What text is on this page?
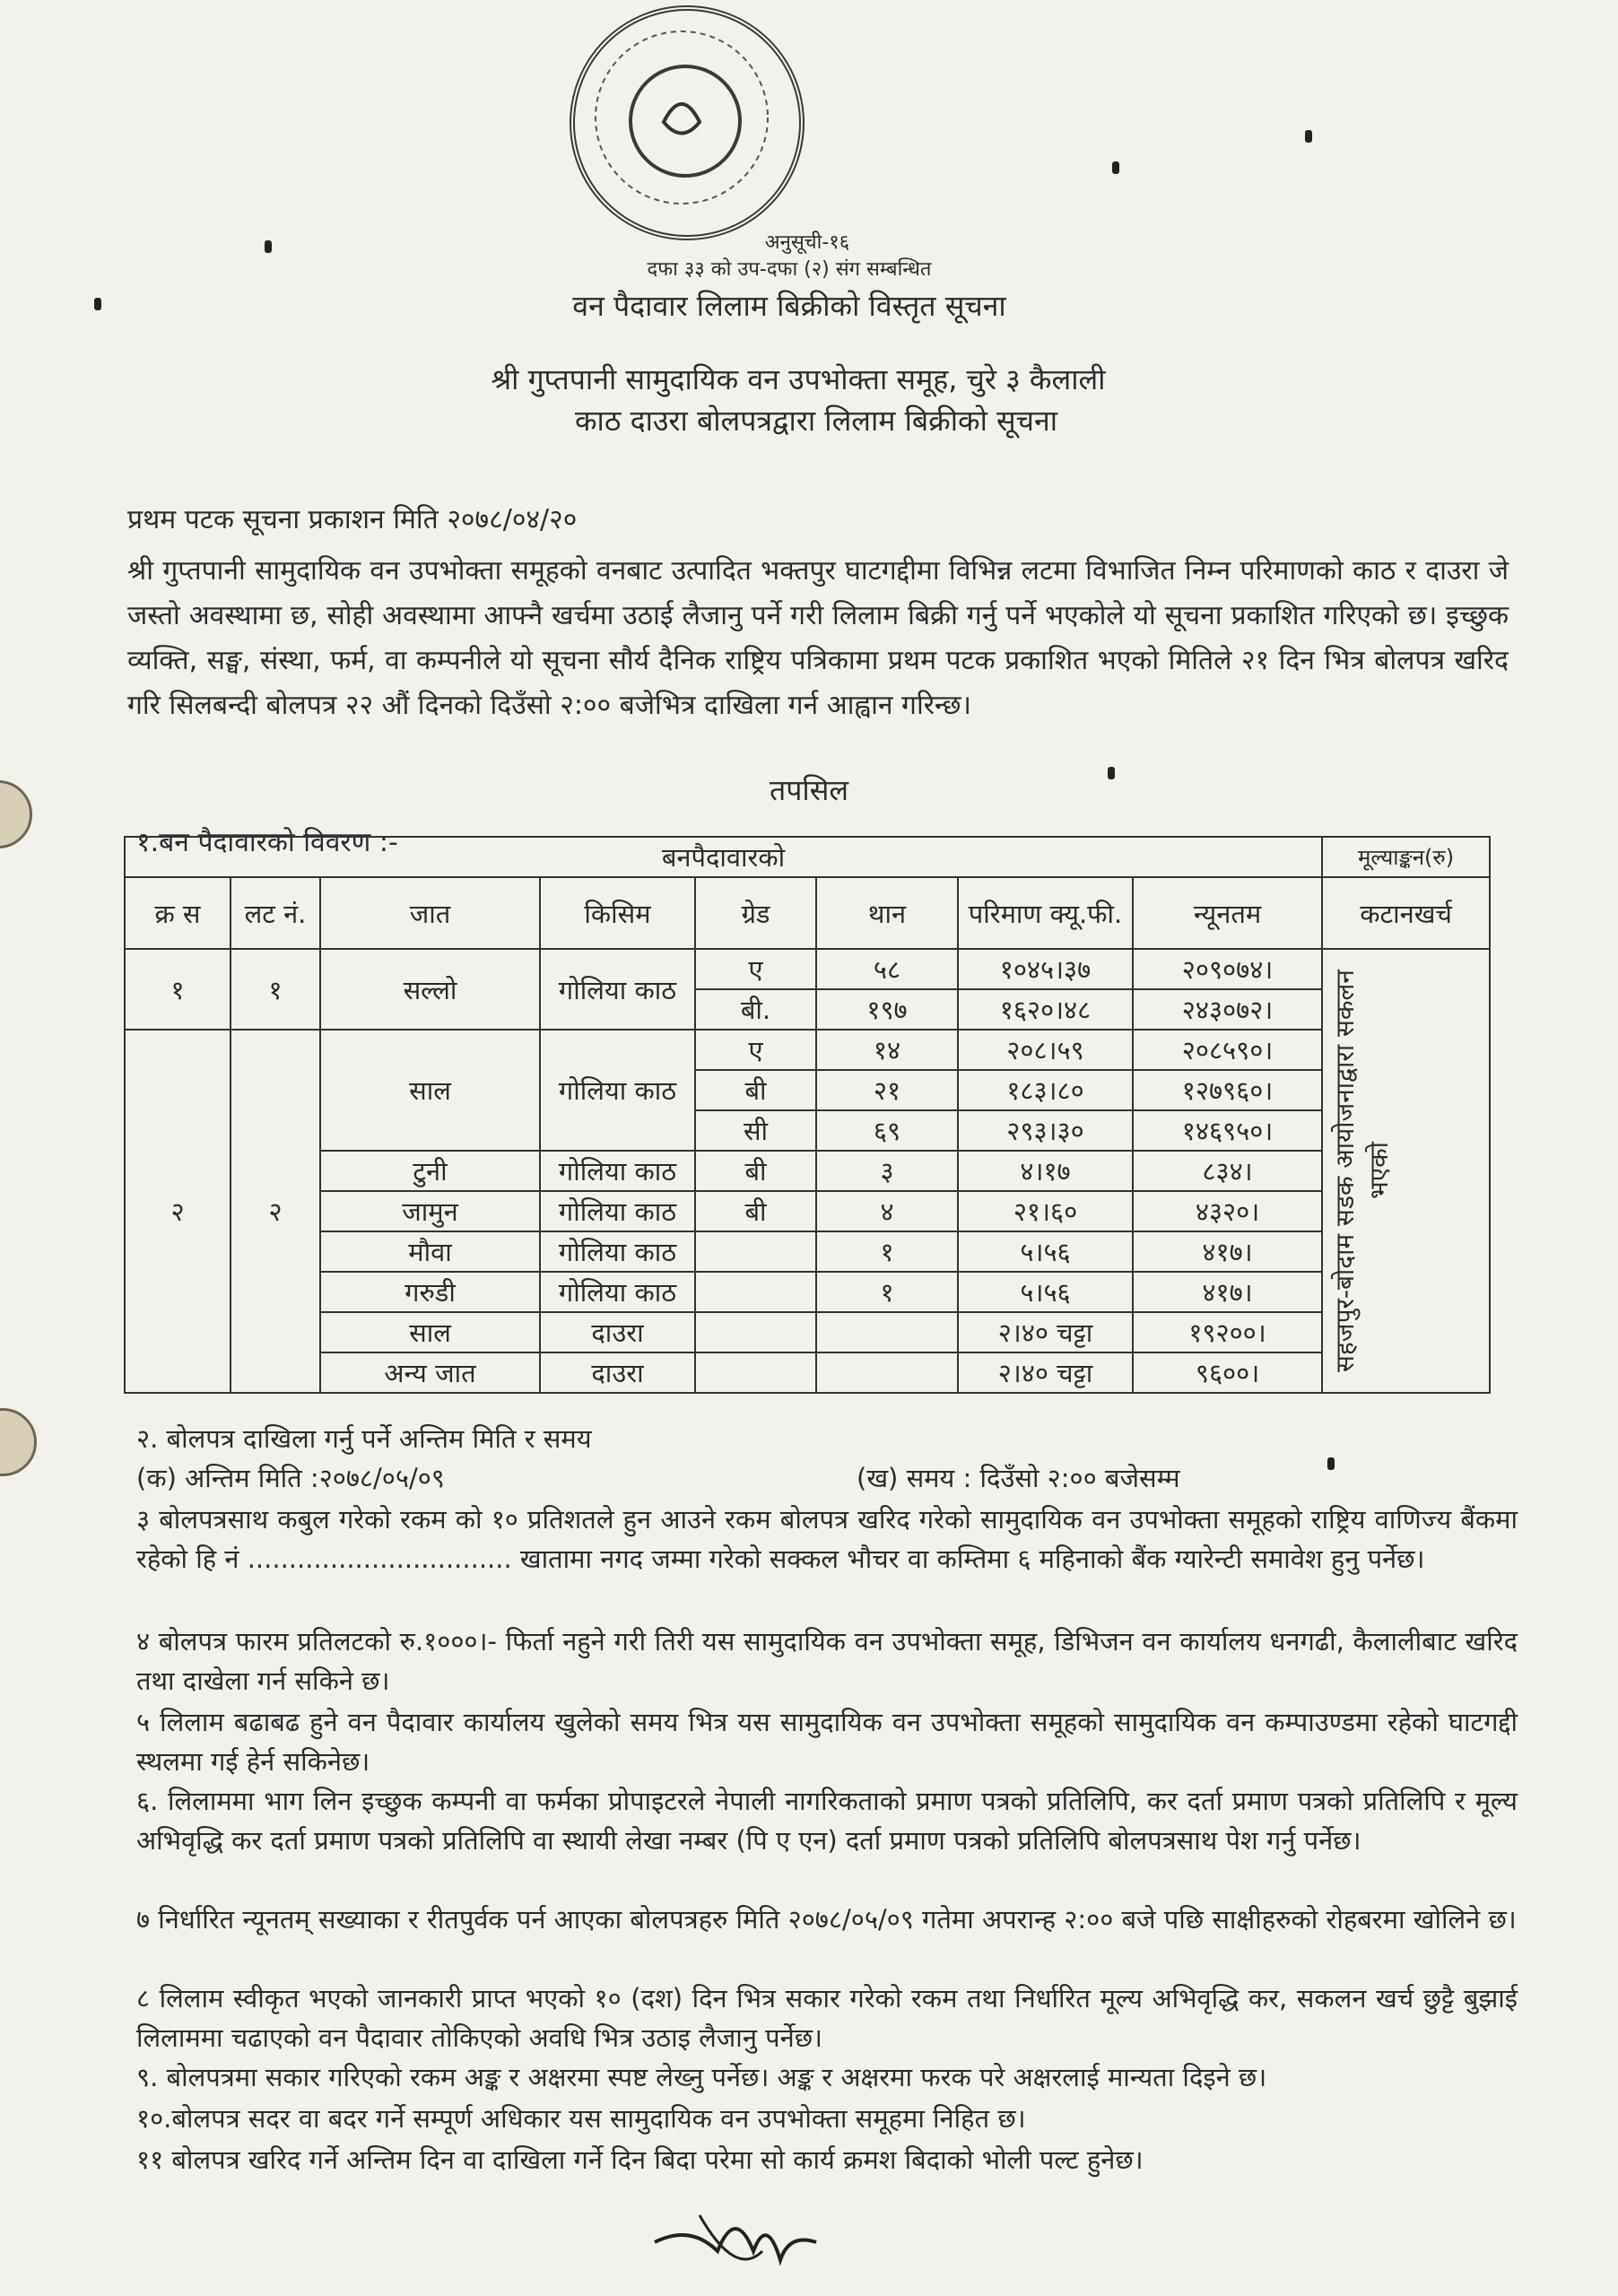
अनुसूची-१६
दफा ३३ को उप-दफा (२) संग सम्बन्धित
वन पैदावार लिलाम बिक्रीको विस्तृत सूचना
श्री गुप्तपानी सामुदायिक वन उपभोक्ता समूह, चुरे ३ कैलाली
काठ दाउरा बोलपत्रद्वारा लिलाम बिक्रीको सूचना
प्रथम पटक सूचना प्रकाशन मिति २०७८/०४/२०
श्री गुप्तपानी सामुदायिक वन उपभोक्ता समूहको वनबाट उत्पादित भक्तपुर घाटगद्दीमा विभिन्न लटमा विभाजित निम्न परिमाणको काठ र दाउरा जे जस्तो अवस्थामा छ, सोही अवस्थामा आफ्नै खर्चमा उठाई लैजानु पर्ने गरी लिलाम बिक्री गर्नु पर्ने भएकोले यो सूचना प्रकाशित गरिएको छ। इच्छुक व्यक्ति, सङ्घ, संस्था, फर्म, वा कम्पनीले यो सूचना सौर्य दैनिक राष्ट्रिय पत्रिकामा प्रथम पटक प्रकाशित भएको मितिले २१ दिन भित्र बोलपत्र खरिद गरि सिलबन्दी बोलपत्र २२ औं दिनको दिउँसो २:०० बजेभित्र दाखिला गर्न आह्वान गरिन्छ।
तपसिल
१.बन पैदावारको विवरण :-	बनपैदावारको								मूल्याङ्कन(रु)
क्र स	लट नं.	जात	किसिम	ग्रेड	थान	परिमाण क्यू.फी.	न्यूनतम	कटानखर्च
१	१	सल्लो	गोलिया काठ	ए	५८	१०४५।३७	२०९०७४।	सहजपुर-बोदाम सडक आयोजनाद्वारा सकलन भएको

				बी.	१९७	१६२०।४८	२४३०७२।	
२	२	साल	गोलिया काठ	ए	१४	२०८।५९	२०८५९०।	
				बी	२१	१८३।८०	१२७९६०।	
				सी	६९	२९३।३०	१४६९५०।	
		टुनी	गोलिया काठ	बी	३	४।१७	८३४।	
		जामुन	गोलिया काठ	बी	४	२१।६०	४३२०।	
		मौवा	गोलिया काठ		१	५।५६	४१७।	
		गरुडी	गोलिया काठ		१	५।५६	४१७।	
		साल	दाउरा			२।४० चट्टा	१९२००।	
		अन्य जात	दाउरा			२।४० चट्टा	९६००।	
२. बोलपत्र दाखिला गर्नु पर्ने अन्तिम मिति र समय
(क) अन्तिम मिति :२०७८/०५/०९	(ख) समय : दिउँसो २:०० बजेसम्म
३ बोलपत्रसाथ कबुल गरेको रकम को १० प्रतिशतले हुन आउने रकम बोलपत्र खरिद गरेको सामुदायिक वन उपभोक्ता समूहको राष्ट्रिय वाणिज्य बैंकमा रहेको हि नं ................................ खातामा नगद जम्मा गरेको सक्कल भौचर वा कम्तिमा ६ महिनाको बैंक ग्यारेन्टी समावेश हुनु पर्नेछ।
४ बोलपत्र फारम प्रतिलटको रु.१०००।- फिर्ता नहुने गरी तिरी यस सामुदायिक वन उपभोक्ता समूह, डिभिजन वन कार्यालय धनगढी, कैलालीबाट खरिद तथा दाखेला गर्न सकिने छ।
५ लिलाम बढाबढ हुने वन पैदावार कार्यालय खुलेको समय भित्र यस सामुदायिक वन उपभोक्ता समूहको सामुदायिक वन कम्पाउण्डमा रहेको घाटगद्दी स्थलमा गई हेर्न सकिनेछ।
६. लिलाममा भाग लिन इच्छुक कम्पनी वा फर्मका प्रोपाइटरले नेपाली नागरिकताको प्रमाण पत्रको प्रतिलिपि, कर दर्ता प्रमाण पत्रको प्रतिलिपि र मूल्य अभिवृद्धि कर दर्ता प्रमाण पत्रको प्रतिलिपि वा स्थायी लेखा नम्बर (पि ए एन) दर्ता प्रमाण पत्रको प्रतिलिपि बोलपत्रसाथ पेश गर्नु पर्नेछ।
७ निर्धारित न्यूनतम् सख्याका र रीतपुर्वक पर्न आएका बोलपत्रहरु मिति २०७८/०५/०९ गतेमा अपरान्ह २:०० बजे पछि साक्षीहरुको रोहबरमा खोलिने छ।
८ लिलाम स्वीकृत भएको जानकारी प्राप्त भएको १० (दश) दिन भित्र सकार गरेको रकम तथा निर्धारित मूल्य अभिवृद्धि कर, सकलन खर्च छुट्टै बुझाई लिलाममा चढाएको वन पैदावार तोकिएको अवधि भित्र उठाइ लैजानु पर्नेछ।
९. बोलपत्रमा सकार गरिएको रकम अङ्क र अक्षरमा स्पष्ट लेख्नु पर्नेछ। अङ्क र अक्षरमा फरक परे अक्षरलाई मान्यता दिइने छ।
१०.बोलपत्र सदर वा बदर गर्ने सम्पूर्ण अधिकार यस सामुदायिक वन उपभोक्ता समूहमा निहित छ।
११ बोलपत्र खरिद गर्ने अन्तिम दिन वा दाखिला गर्ने दिन बिदा परेमा सो कार्य क्रमश बिदाको भोली पल्ट हुनेछ।
